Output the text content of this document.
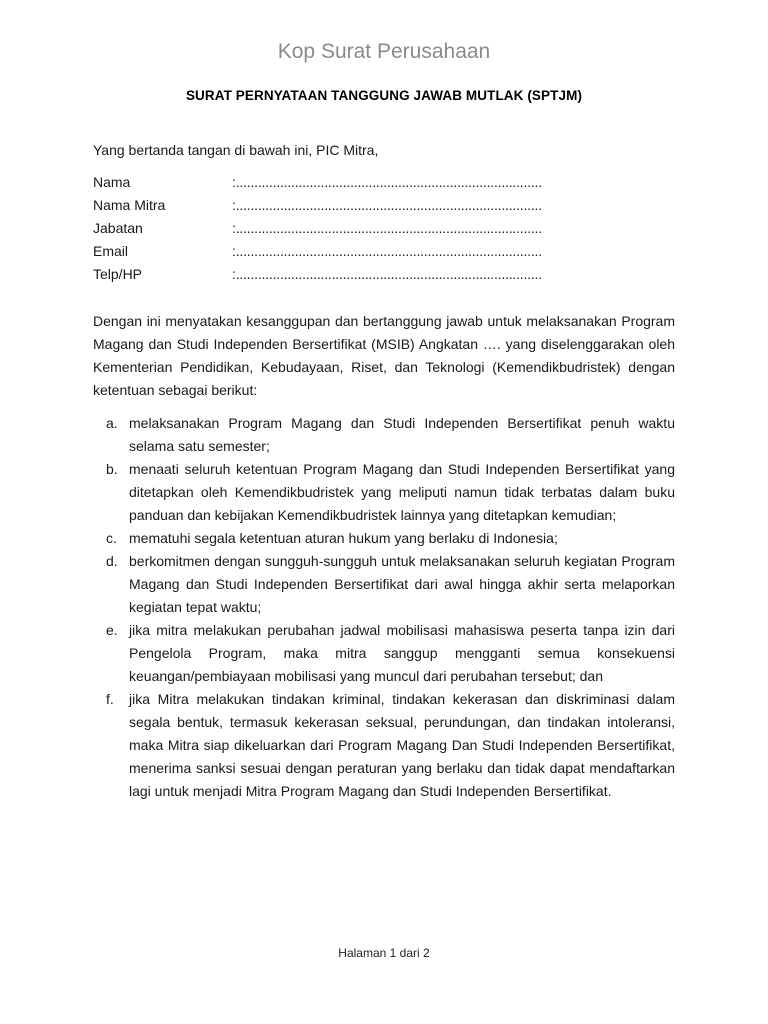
Kop Surat Perusahaan
SURAT PERNYATAAN TANGGUNG JAWAB MUTLAK (SPTJM)
Yang bertanda tangan di bawah ini, PIC Mitra,
Nama	:...................................................................................
Nama Mitra	:...................................................................................
Jabatan	:...................................................................................
Email	:...................................................................................
Telp/HP	:...................................................................................
Dengan ini menyatakan kesanggupan dan bertanggung jawab untuk melaksanakan Program Magang dan Studi Independen Bersertifikat (MSIB) Angkatan …. yang diselenggarakan oleh Kementerian Pendidikan, Kebudayaan, Riset, dan Teknologi (Kemendikbudristek) dengan ketentuan sebagai berikut:
a. melaksanakan Program Magang dan Studi Independen Bersertifikat penuh waktu selama satu semester;
b. menaati seluruh ketentuan Program Magang dan Studi Independen Bersertifikat yang ditetapkan oleh Kemendikbudristek yang meliputi namun tidak terbatas dalam buku panduan dan kebijakan Kemendikbudristek lainnya yang ditetapkan kemudian;
c. mematuhi segala ketentuan aturan hukum yang berlaku di Indonesia;
d. berkomitmen dengan sungguh-sungguh untuk melaksanakan seluruh kegiatan Program Magang dan Studi Independen Bersertifikat dari awal hingga akhir serta melaporkan kegiatan tepat waktu;
e. jika mitra melakukan perubahan jadwal mobilisasi mahasiswa peserta tanpa izin dari Pengelola Program, maka mitra sanggup mengganti semua konsekuensi keuangan/pembiayaan mobilisasi yang muncul dari perubahan tersebut; dan
f. jika Mitra melakukan tindakan kriminal, tindakan kekerasan dan diskriminasi dalam segala bentuk, termasuk kekerasan seksual, perundungan, dan tindakan intoleransi, maka Mitra siap dikeluarkan dari Program Magang Dan Studi Independen Bersertifikat, menerima sanksi sesuai dengan peraturan yang berlaku dan tidak dapat mendaftarkan lagi untuk menjadi Mitra Program Magang dan Studi Independen Bersertifikat.
Halaman 1 dari 2
